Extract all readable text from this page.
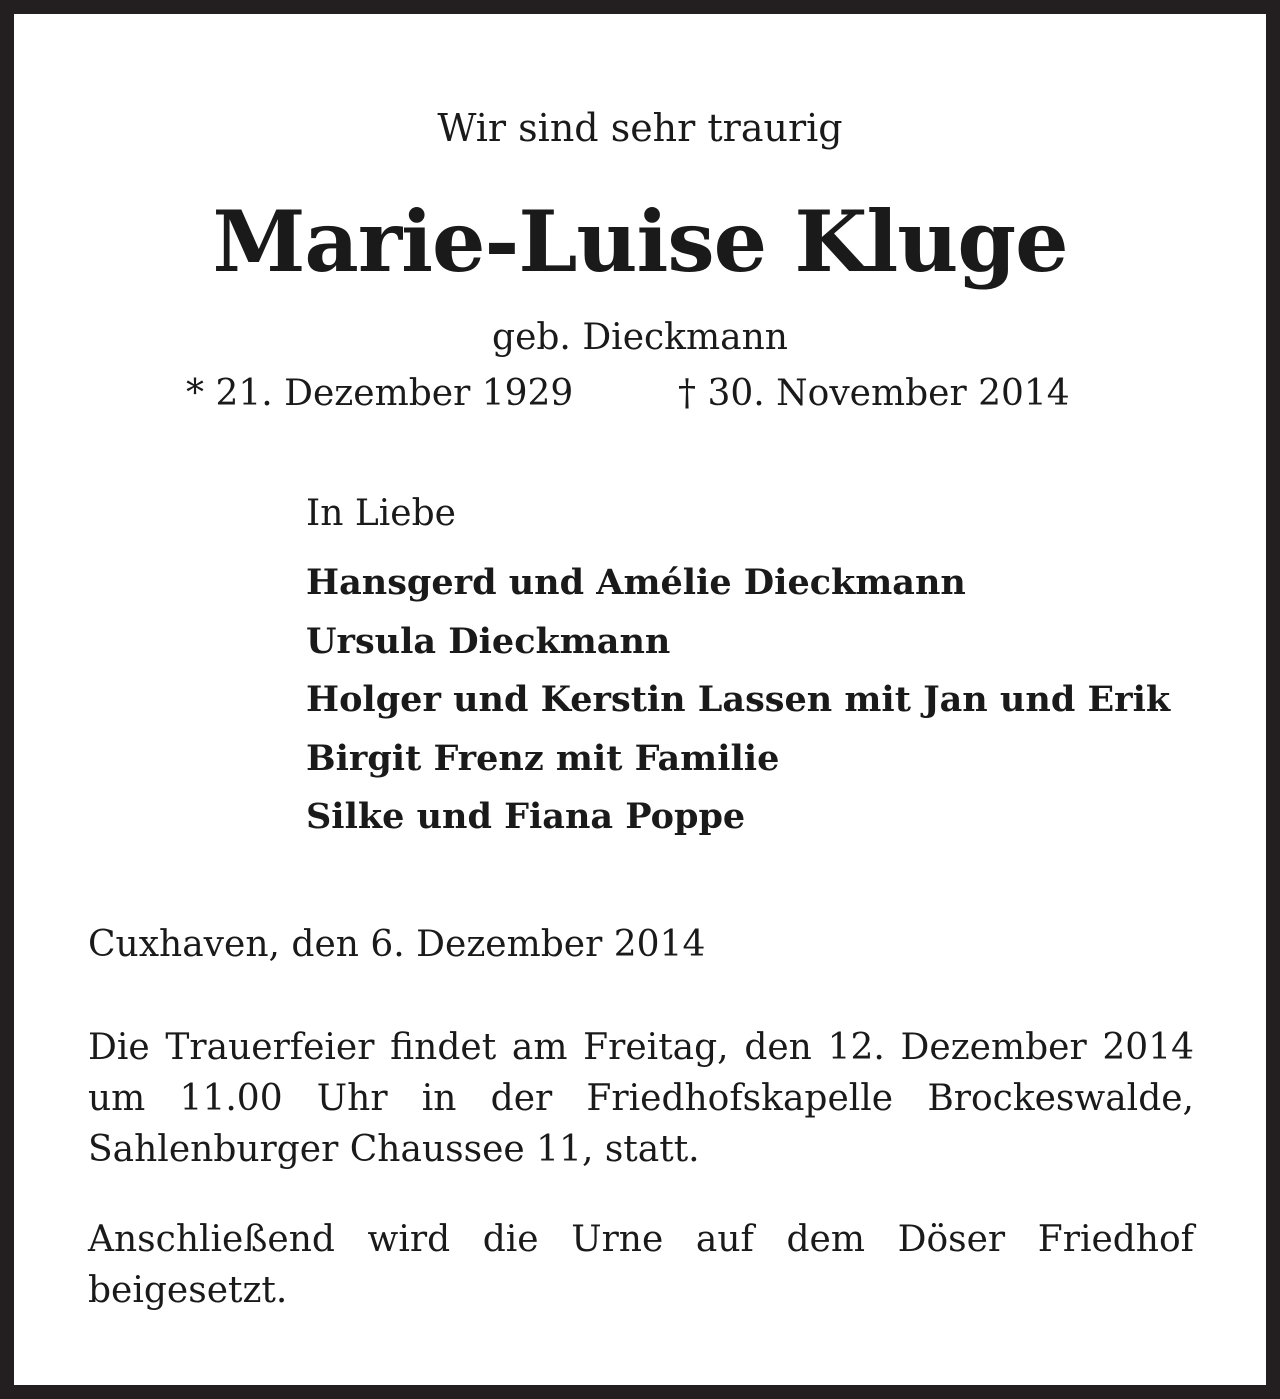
Wir sind sehr traurig

Marie-Luise Kluge

geb. Dieckmann

* 21. Dezember 1929	† 30. November 2014

In Liebe

Hansgerd und Amélie Dieckmann
Ursula Dieckmann
Holger und Kerstin Lassen mit Jan und Erik
Birgit Frenz mit Familie
Silke und Fiana Poppe

Cuxhaven, den 6. Dezember 2014

Die Trauerfeier findet am Freitag, den 12. Dezember 2014 um 11.00 Uhr in der Friedhofskapelle Brockeswalde, Sahlenburger Chaussee 11, statt.

Anschließend wird die Urne auf dem Döser Friedhof beigesetzt.
